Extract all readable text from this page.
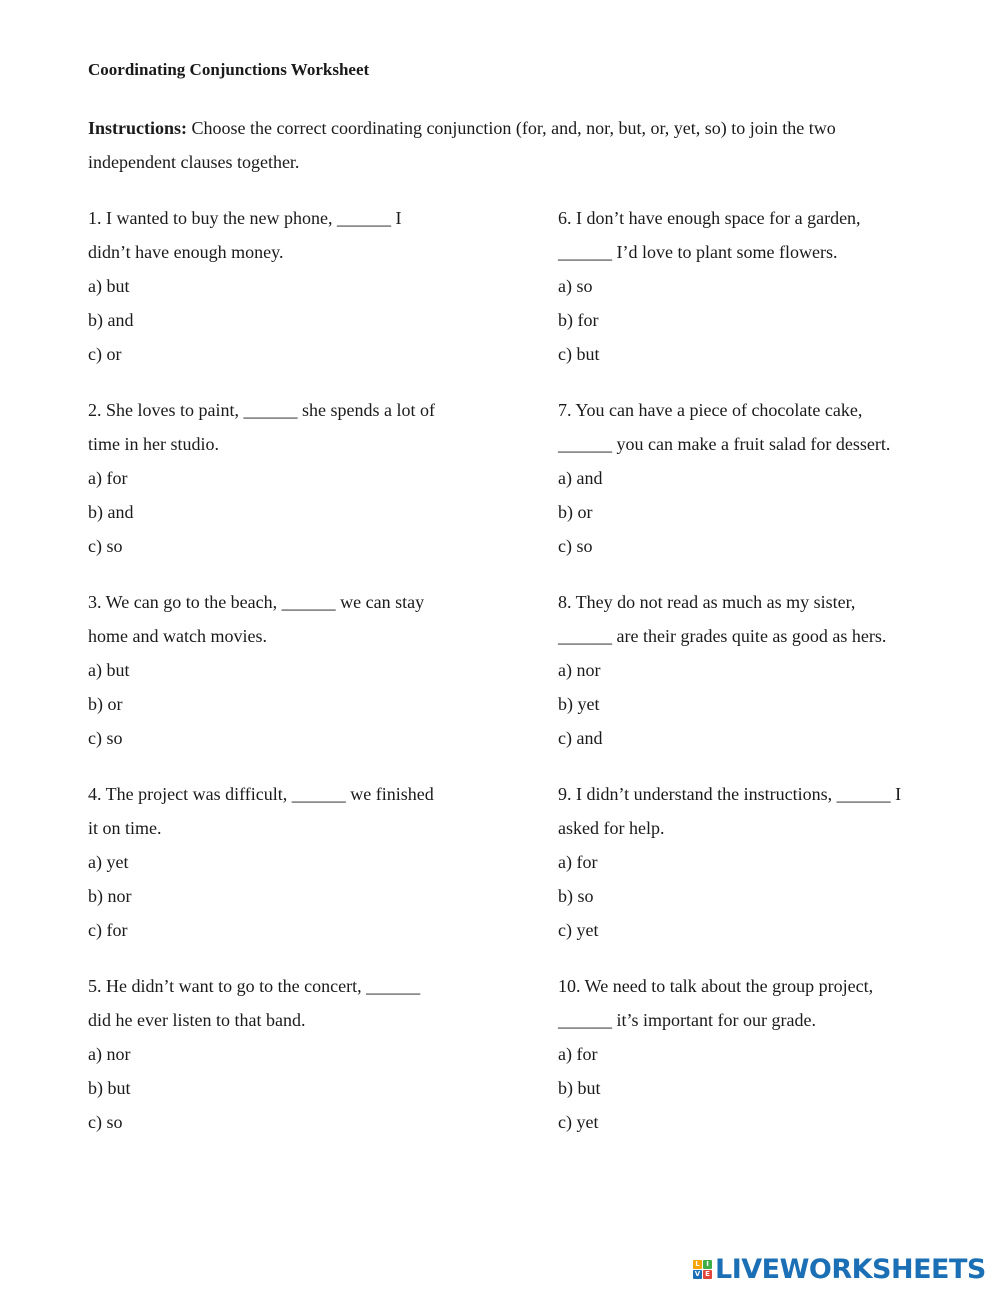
Coordinating Conjunctions Worksheet

Instructions: Choose the correct coordinating conjunction (for, and, nor, but, or, yet, so) to join the two independent clauses together.

1. I wanted to buy the new phone, ______ I

didn’t have enough money.

a) but

b) and

c) or

2. She loves to paint, ______ she spends a lot of

time in her studio.

a) for

b) and

c) so

3. We can go to the beach, ______ we can stay

home and watch movies.

a) but

b) or

c) so

4. The project was difficult, ______ we finished

it on time.

a) yet

b) nor

c) for

5. He didn’t want to go to the concert, ______

did he ever listen to that band.

a) nor

b) but

c) so

6. I don’t have enough space for a garden,

______ I’d love to plant some flowers.

a) so

b) for

c) but

7. You can have a piece of chocolate cake,

______ you can make a fruit salad for dessert.

a) and

b) or

c) so

8. They do not read as much as my sister,

______ are their grades quite as good as hers.

a) nor

b) yet

c) and

9. I didn’t understand the instructions, ______ I

asked for help.

a) for

b) so

c) yet

10. We need to talk about the group project,

______ it’s important for our grade.

a) for

b) but

c) yet

L I
V E LIVEWORKSHEETS
